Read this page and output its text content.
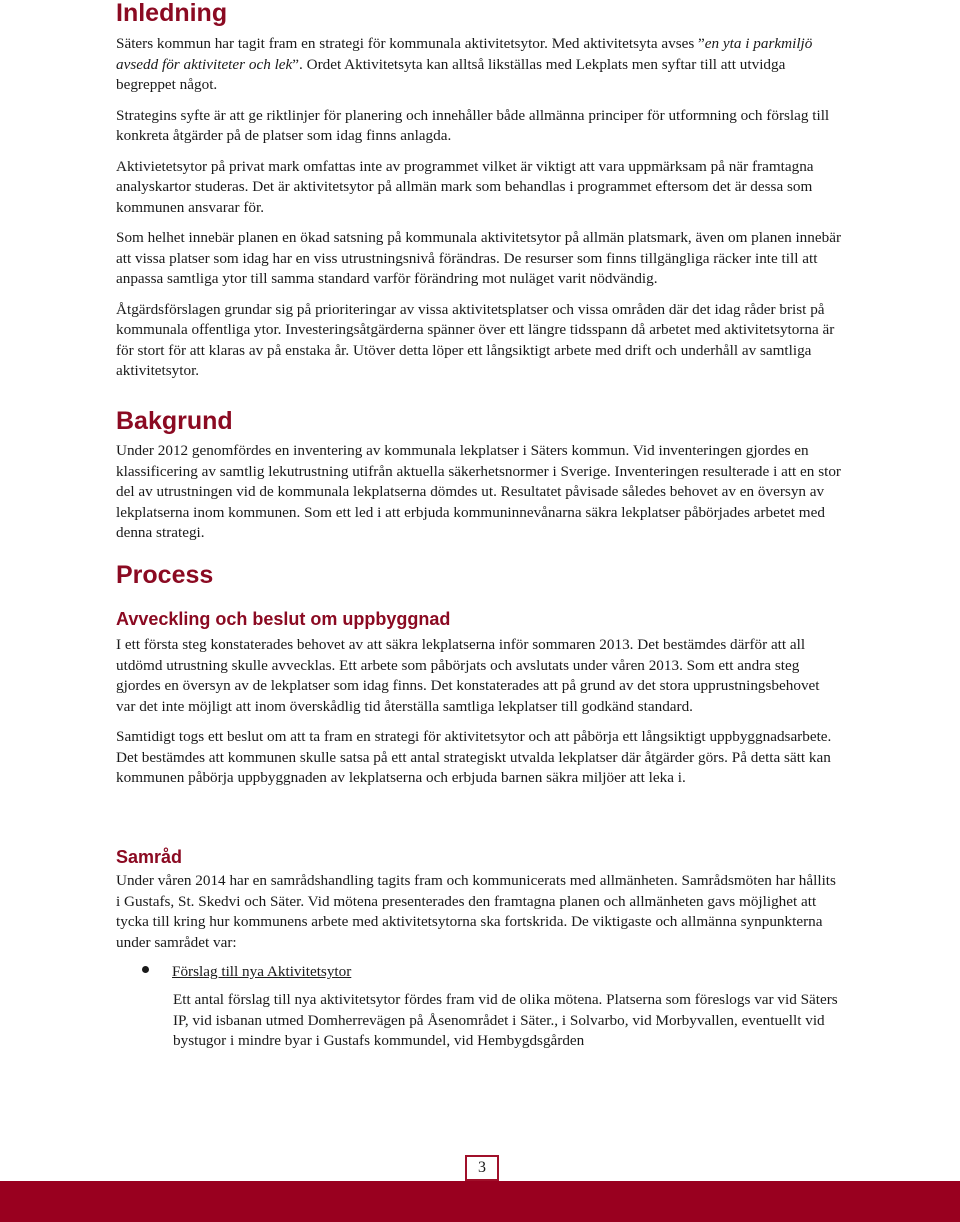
Inledning

Säters kommun har tagit fram en strategi för kommunala aktivitetsytor. Med aktivitetsyta avses ”en yta i parkmiljö avsedd för aktiviteter och lek”. Ordet Aktivitetsyta kan alltså likställas med Lekplats men syftar till att utvidga begreppet något.

Strategins syfte är att ge riktlinjer för planering och innehåller både allmänna principer för utformning och förslag till konkreta åtgärder på de platser som idag finns anlagda.

Aktivietetsytor på privat mark omfattas inte av programmet vilket är viktigt att vara uppmärksam på när framtagna analyskartor studeras. Det är aktivitetsytor på allmän mark som behandlas i programmet eftersom det är dessa som kommunen ansvarar för.

Som helhet innebär planen en ökad satsning på kommunala aktivitetsytor på allmän platsmark, även om planen innebär att vissa platser som idag har en viss utrustningsnivå förändras. De resurser som finns tillgängliga räcker inte till att anpassa samtliga ytor till samma standard varför förändring mot nuläget varit nödvändig.

Åtgärdsförslagen grundar sig på prioriteringar av vissa aktivitetsplatser och vissa områden där det idag råder brist på kommunala offentliga ytor. Investeringsåtgärderna spänner över ett längre tidsspann då arbetet med aktivitetsytorna är för stort för att klaras av på enstaka år. Utöver detta löper ett långsiktigt arbete med drift och underhåll av samtliga aktivitetsytor.

Bakgrund

Under 2012 genomfördes en inventering av kommunala lekplatser i Säters kommun. Vid inventeringen gjordes en klassificering av samtlig lekutrustning utifrån aktuella säkerhetsnormer i Sverige. Inventeringen resulterade i att en stor del av utrustningen vid de kommunala lekplatserna dömdes ut. Resultatet påvisade således behovet av en översyn av lekplatserna inom kommunen. Som ett led i att erbjuda kommuninnevånarna säkra lekplatser påbörjades arbetet med denna strategi.

Process
Avveckling och beslut om uppbyggnad

I ett första steg konstaterades behovet av att säkra lekplatserna inför sommaren 2013. Det bestämdes därför att all utdömd utrustning skulle avvecklas. Ett arbete som påbörjats och avslutats under våren 2013. Som ett andra steg gjordes en översyn av de lekplatser som idag finns. Det konstaterades att på grund av det stora upprustningsbehovet var det inte möjligt att inom överskådlig tid återställa samtliga lekplatser till godkänd standard.

Samtidigt togs ett beslut om att ta fram en strategi för aktivitetsytor och att påbörja ett långsiktigt uppbyggnadsarbete. Det bestämdes att kommunen skulle satsa på ett antal strategiskt utvalda lekplatser där åtgärder görs. På detta sätt kan kommunen påbörja uppbyggnaden av lekplatserna och erbjuda barnen säkra miljöer att leka i.

Samråd

Under våren 2014 har en samrådshandling tagits fram och kommunicerats med allmänheten. Samrådsmöten har hållits i Gustafs, St. Skedvi och Säter. Vid mötena presenterades den framtagna planen och allmänheten gavs möjlighet att tycka till kring hur kommunens arbete med aktivitetsytorna ska fortskrida. De viktigaste och allmänna synpunkterna under samrådet var:

Förslag till nya Aktivitetsytor

Ett antal förslag till nya aktivitetsytor fördes fram vid de olika mötena. Platserna som föreslogs var vid Säters IP, vid isbanan utmed Domherrevägen på Åsenområdet i Säter., i Solvarbo, vid Morbyvallen, eventuellt vid bystugor i mindre byar i Gustafs kommundel, vid Hembygdsgården

3
